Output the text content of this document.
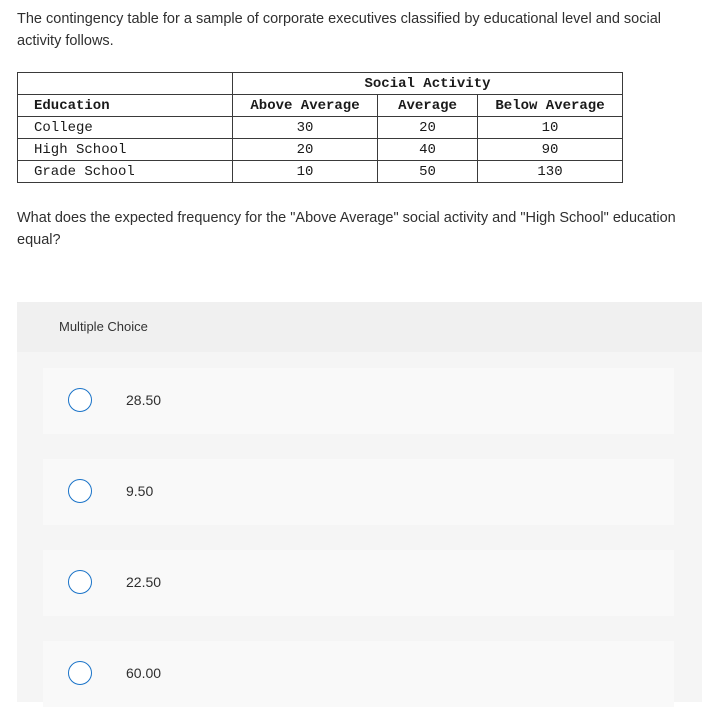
The contingency table for a sample of corporate executives classified by educational level and social activity follows.

	Social Activity		
Education	Above Average	Average	Below Average
College	30	20	10
High School	20	40	90
Grade School	10	50	130

What does the expected frequency for the "Above Average" social activity and "High School" education equal?

Multiple Choice
28.50
9.50
22.50
60.00
